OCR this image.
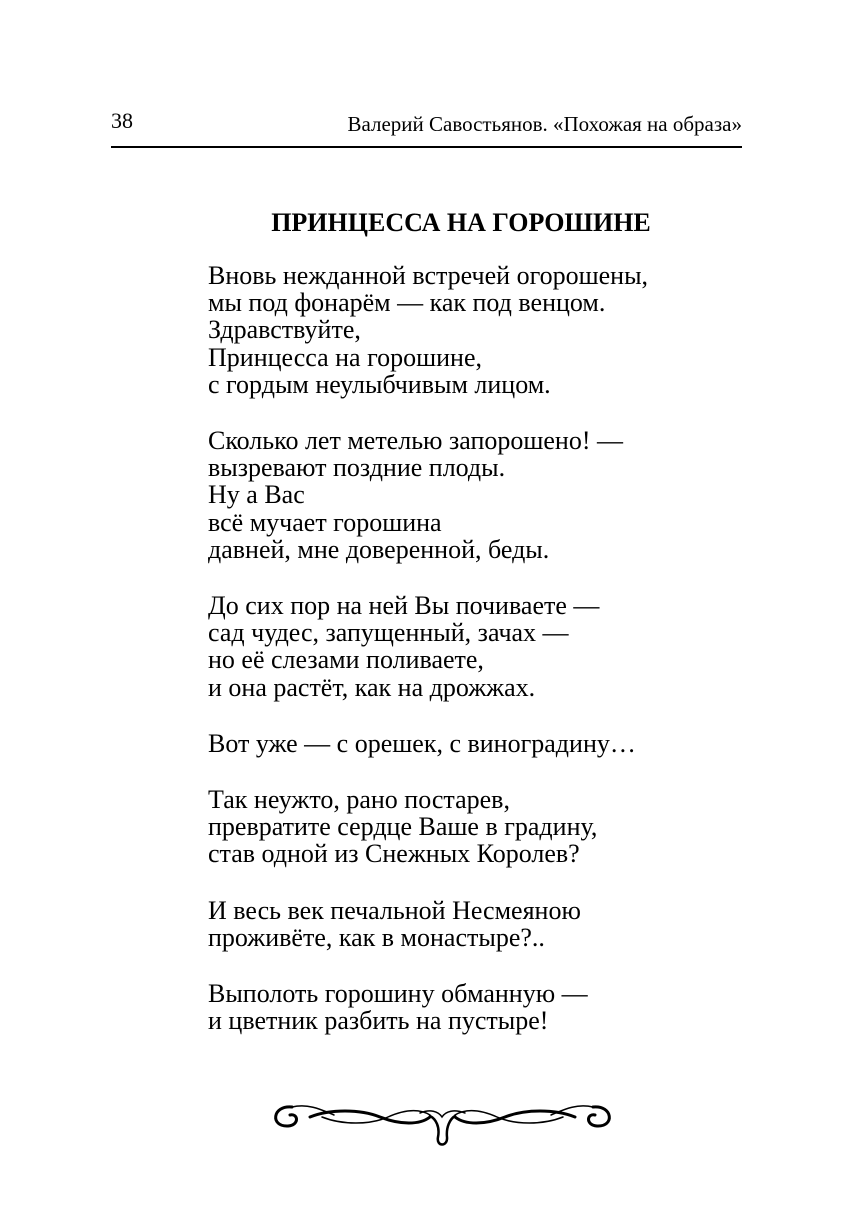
38	Валерий Савостьянов. «Похожая на образа»
ПРИНЦЕССА НА ГОРОШИНЕ
Вновь нежданной встречей огорошены,
мы под фонарём — как под венцом.
Здравствуйте,
Принцесса на горошине,
с гордым неулыбчивым лицом.
Сколько лет метелью запорошено! —
вызревают поздние плоды.
Ну а Вас
всё мучает горошина
давней, мне доверенной, беды.
До сих пор на ней Вы почиваете —
сад чудес, запущенный, зачах —
но её слезами поливаете,
и она растёт, как на дрожжах.
Вот уже — с орешек, с виноградину…
Так неужто, рано постарев,
превратите сердце Ваше в градину,
став одной из Снежных Королев?
И весь век печальной Несмеяною
проживёте, как в монастыре?..
Выполоть горошину обманную —
и цветник разбить на пустыре!
